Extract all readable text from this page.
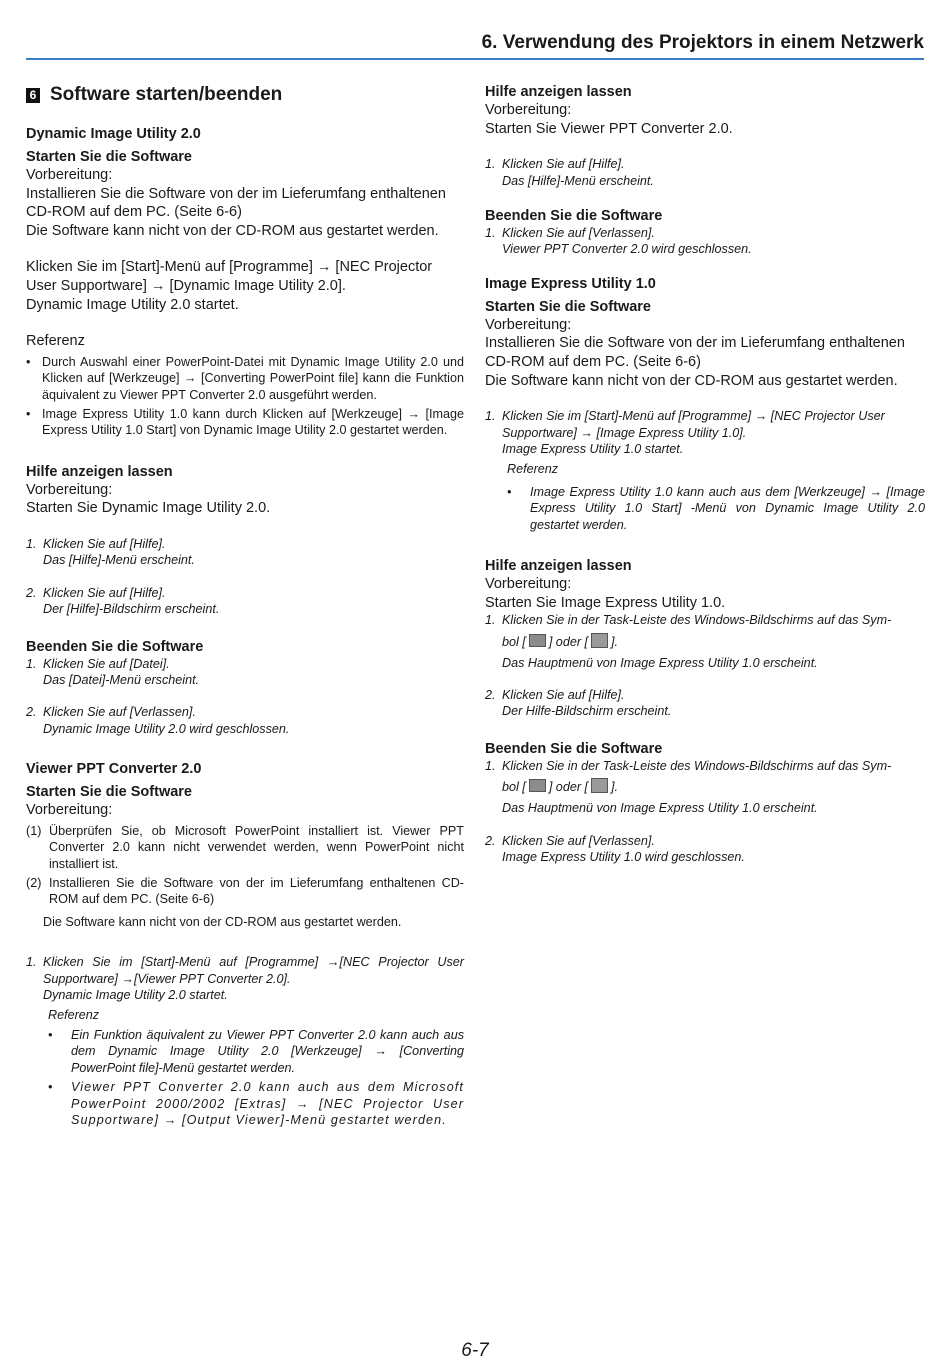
6. Verwendung des Projektors in einem Netzwerk
6 Software starten/beenden
Dynamic Image Utility 2.0
Starten Sie die Software
Vorbereitung:
Installieren Sie die Software von der im Lieferumfang enthaltenen CD-ROM auf dem PC. (Seite 6-6)
Die Software kann nicht von der CD-ROM aus gestartet werden.
Klicken Sie im [Start]-Menü auf [Programme] → [NEC Projector User Supportware] → [Dynamic Image Utility 2.0].
Dynamic Image Utility 2.0 startet.
Referenz
• Durch Auswahl einer PowerPoint-Datei mit Dynamic Image Utility 2.0 und Klicken auf [Werkzeuge] → [Converting PowerPoint file] kann die Funktion äquivalent zu Viewer PPT Converter 2.0 ausgeführt werden.
• Image Express Utility 1.0 kann durch Klicken auf [Werkzeuge] → [Image Express Utility 1.0 Start] von Dynamic Image Utility 2.0 gestartet werden.
Hilfe anzeigen lassen
Vorbereitung:
Starten Sie Dynamic Image Utility 2.0.
1. Klicken Sie auf [Hilfe].
Das [Hilfe]-Menü erscheint.
2. Klicken Sie auf [Hilfe].
Der [Hilfe]-Bildschirm erscheint.
Beenden Sie die Software
1. Klicken Sie auf [Datei].
Das [Datei]-Menü erscheint.
2. Klicken Sie auf [Verlassen].
Dynamic Image Utility 2.0 wird geschlossen.
Viewer PPT Converter 2.0
Starten Sie die Software
Vorbereitung:
(1) Überprüfen Sie, ob Microsoft PowerPoint installiert ist. Viewer PPT Converter 2.0 kann nicht verwendet werden, wenn PowerPoint nicht installiert ist.
(2) Installieren Sie die Software von der im Lieferumfang enthaltenen CD-ROM auf dem PC. (Seite 6-6)
Die Software kann nicht von der CD-ROM aus gestartet werden.
1. Klicken Sie im [Start]-Menü auf [Programme] →[NEC Projector User Supportware] →[Viewer PPT Converter 2.0].
Dynamic Image Utility 2.0 startet.
Referenz
•	Ein Funktion äquivalent zu Viewer PPT Converter 2.0 kann auch aus dem Dynamic Image Utility 2.0 [Werkzeuge] → [Converting PowerPoint file]-Menü gestartet werden.
•	Viewer PPT Converter 2.0 kann auch aus dem Microsoft PowerPoint 2000/2002 [Extras] → [NEC Projector User Supportware] → [Output Viewer]-Menü gestartet werden.
Hilfe anzeigen lassen
Vorbereitung:
Starten Sie Viewer PPT Converter 2.0.
1. Klicken Sie auf [Hilfe].
Das [Hilfe]-Menü erscheint.
Beenden Sie die Software
1. Klicken Sie auf [Verlassen].
Viewer PPT Converter 2.0 wird geschlossen.
Image Express Utility 1.0
Starten Sie die Software
Vorbereitung:
Installieren Sie die Software von der im Lieferumfang enthaltenen CD-ROM auf dem PC. (Seite 6-6)
Die Software kann nicht von der CD-ROM aus gestartet werden.
1. Klicken Sie im [Start]-Menü auf [Programme] → [NEC Projector User Supportware] → [Image Express Utility 1.0].
Image Express Utility 1.0 startet.
Referenz
•	Image Express Utility 1.0 kann auch aus dem [Werkzeuge] → [Image Express Utility 1.0 Start] -Menü von Dynamic Image Utility 2.0 gestartet werden.
Hilfe anzeigen lassen
Vorbereitung:
Starten Sie Image Express Utility 1.0.
1. Klicken Sie in der Task-Leiste des Windows-Bildschirms auf das Sym-
bol [ ] oder [ ].
Das Hauptmenü von Image Express Utility 1.0 erscheint.
2. Klicken Sie auf [Hilfe].
Der Hilfe-Bildschirm erscheint.
Beenden Sie die Software
1. Klicken Sie in der Task-Leiste des Windows-Bildschirms auf das Sym-
bol [ ] oder [ ].
Das Hauptmenü von Image Express Utility 1.0 erscheint.
2. Klicken Sie auf [Verlassen].
Image Express Utility 1.0 wird geschlossen.
6-7
